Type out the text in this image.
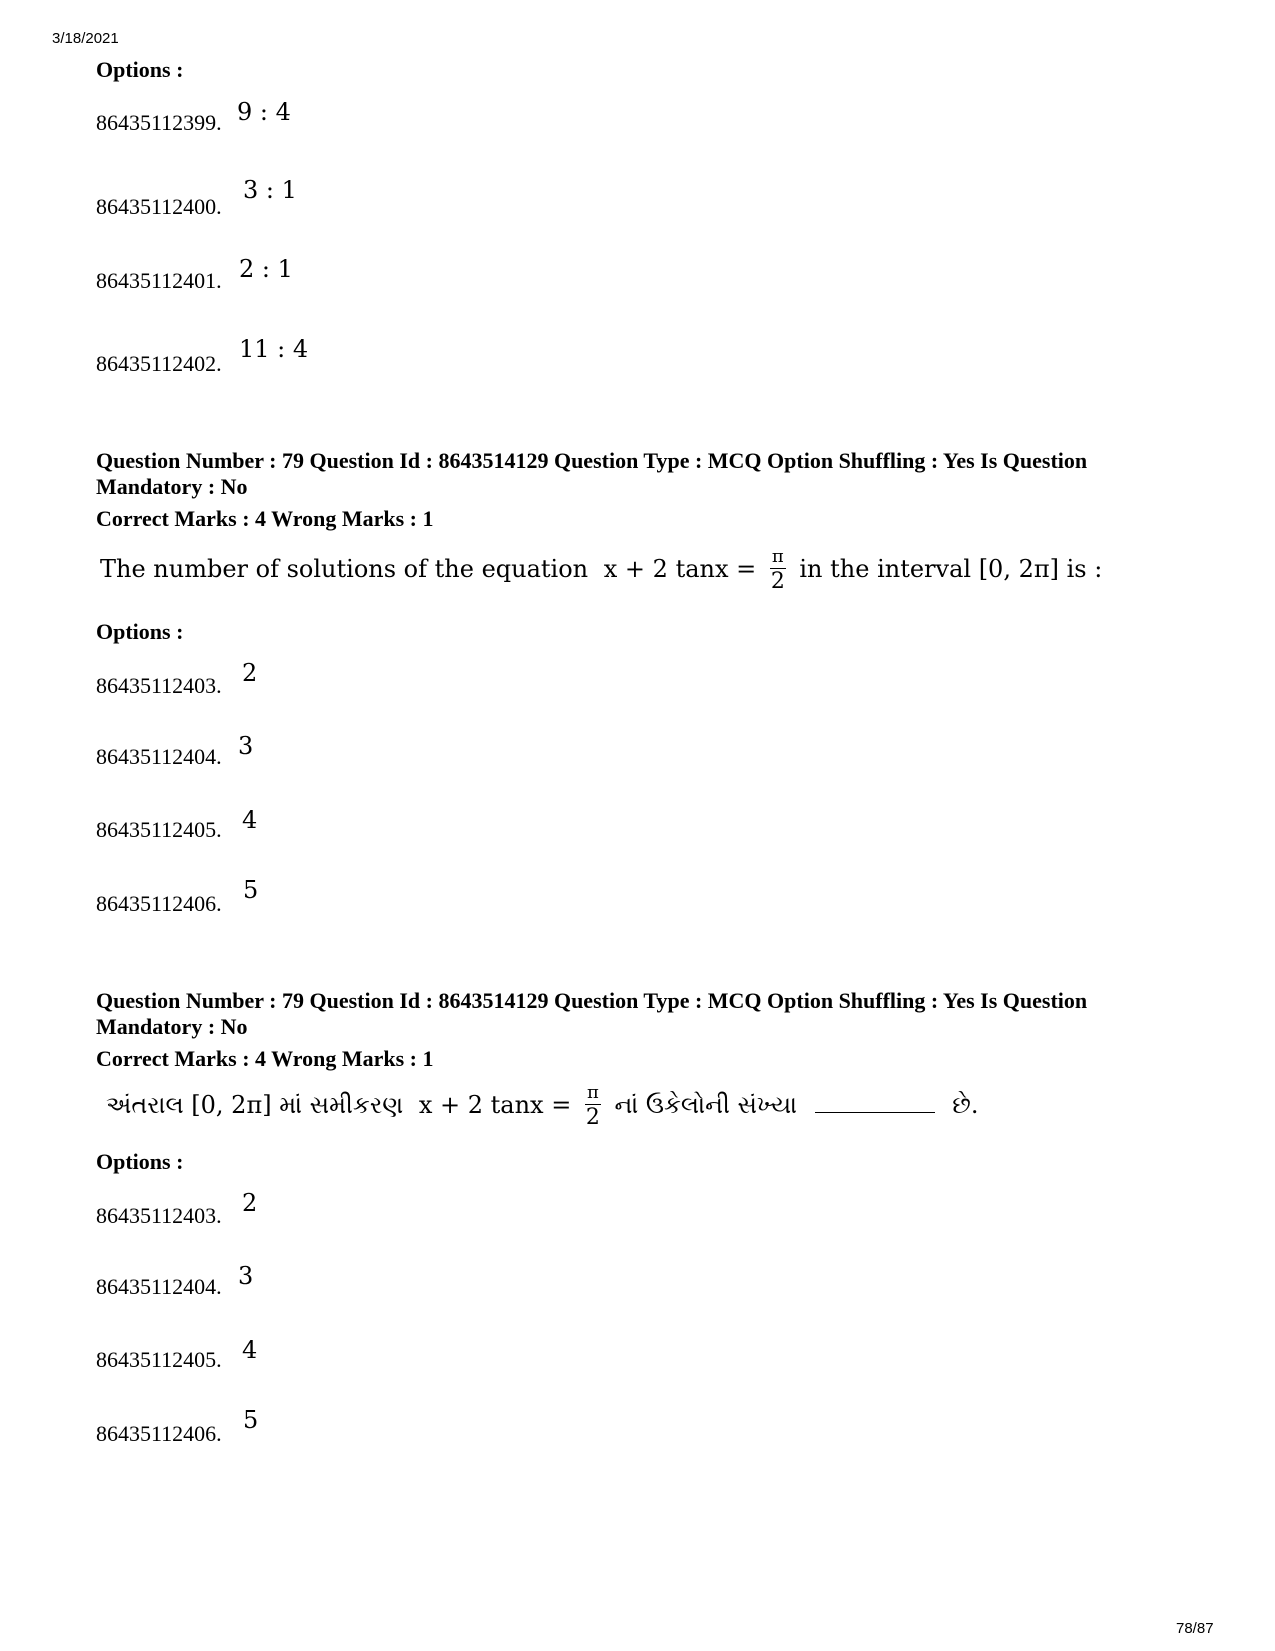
3/18/2021
78/87
Options :
86435112399. 9 : 4
86435112400.
3 : 1
86435112401. 2 : 1
86435112402.
11 : 4
Question Number : 79 Question Id : 8643514129 Question Type : MCQ Option Shuffling : Yes Is Question
Mandatory : No
Correct Marks : 4 Wrong Marks : 1
The number of solutions of the equation x + 2 $\tan x = \frac{\pi}{2}$ in the interval [0, 2π] is :
Options :
86435112403. 2
86435112404. 3
86435112405. 4
86435112406. 5
Question Number : 79 Question Id : 8643514129 Question Type : MCQ Option Shuffling : Yes Is Question
Mandatory : No
Correct Marks : 4 Wrong Marks : 1
અંતરાલ [0, 2π] માં સમીકરણ x + 2 $\tan x = \frac{\pi}{2}$ નાં ઉકેલોની સંખ્યા	છે.
Options :
86435112403. 2
86435112404. 3
86435112405. 4
86435112406. 5
